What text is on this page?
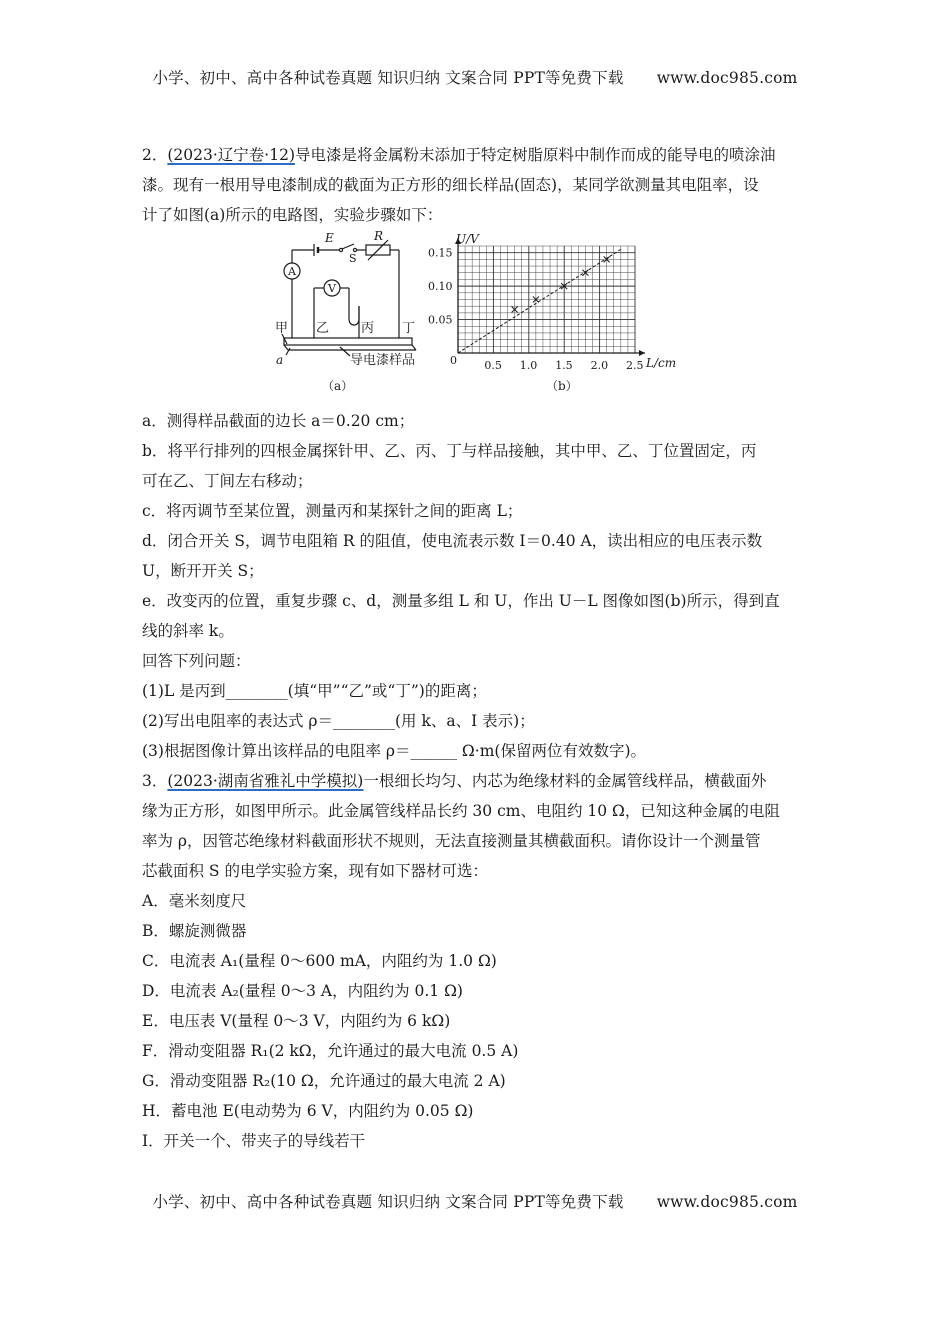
小学、初中、高中各种试卷真题 知识归纳 文案合同 PPT等免费下载 www.doc985.com

2．(2023·辽宁卷·12)导电漆是将金属粉末添加于特定树脂原料中制作而成的能导电的喷涂油

漆。现有一根用导电漆制成的截面为正方形的细长样品(固态)，某同学欲测量其电阻率，设

计了如图(a)所示的电路图，实验步骤如下：

E
S
R
A
V
甲 乙 丙 丁
导电漆样品
a
（a）
0.5 1.0 1.5 2.0 2.5
0.05
0.10
0.15
U/V
L/cm
0
（b）

a．测得样品截面的边长 a＝0.20 cm；

b．将平行排列的四根金属探针甲、乙、丙、丁与样品接触，其中甲、乙、丁位置固定，丙

可在乙、丁间左右移动；

c．将丙调节至某位置，测量丙和某探针之间的距离 L；

d．闭合开关 S，调节电阻箱 R 的阻值，使电流表示数 I＝0.40 A，读出相应的电压表示数

U，断开开关 S；

e．改变丙的位置，重复步骤 c、d，测量多组 L 和 U，作出 U－L 图像如图(b)所示，得到直

线的斜率 k。

回答下列问题：

(1)L 是丙到________(填“甲”“乙”或“丁”)的距离；

(2)写出电阻率的表达式 ρ＝________(用 k、a、I 表示)；

(3)根据图像计算出该样品的电阻率 ρ＝______ Ω·m(保留两位有效数字)。

3．(2023·湖南省雅礼中学模拟)一根细长均匀、内芯为绝缘材料的金属管线样品，横截面外

缘为正方形，如图甲所示。此金属管线样品长约 30 cm、电阻约 10 Ω，已知这种金属的电阻

率为 ρ，因管芯绝缘材料截面形状不规则，无法直接测量其横截面积。请你设计一个测量管

芯截面积 S 的电学实验方案，现有如下器材可选：

A．毫米刻度尺

B．螺旋测微器

C．电流表 A₁(量程 0～600 mA，内阻约为 1.0 Ω)

D．电流表 A₂(量程 0～3 A，内阻约为 0.1 Ω)

E．电压表 V(量程 0～3 V，内阻约为 6 kΩ)

F．滑动变阻器 R₁(2 kΩ，允许通过的最大电流 0.5 A)

G．滑动变阻器 R₂(10 Ω，允许通过的最大电流 2 A)

H．蓄电池 E(电动势为 6 V，内阻约为 0.05 Ω)

I．开关一个、带夹子的导线若干

小学、初中、高中各种试卷真题 知识归纳 文案合同 PPT等免费下载 www.doc985.com
